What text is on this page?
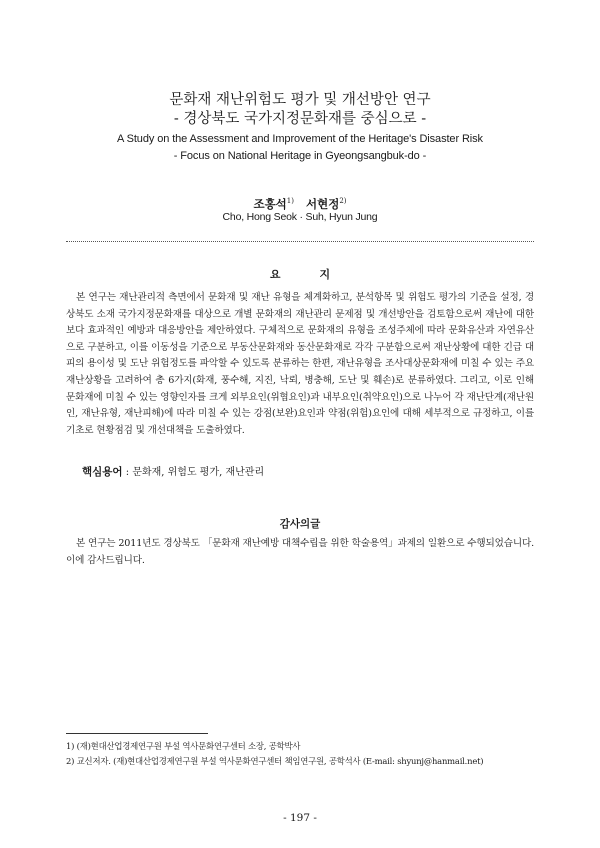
문화재 재난위험도 평가 및 개선방안 연구
- 경상북도 국가지정문화재를 중심으로 -
A Study on the Assessment and Improvement of the Heritage's Disaster Risk
- Focus on National Heritage in Gyeongsangbuk-do -
조홍석$^{1)}$ 서현정$^{2)}$
Cho, Hong Seok · Suh, Hyun Jung
요 지

본 연구는 재난관리적 측면에서 문화재 및 재난 유형을 체계화하고, 분석항목 및 위험도 평가의 기준을 설정, 경상북도 소재 국가지정문화재를 대상으로 개별 문화재의 재난관리 문제점 및 개선방안을 검토함으로써 재난에 대한 보다 효과적인 예방과 대응방안을 제안하였다. 구체적으로 문화재의 유형을 조성주체에 따라 문화유산과 자연유산으로 구분하고, 이를 이동성을 기준으로 부동산문화재와 동산문화재로 각각 구분함으로써 재난상황에 대한 긴급 대피의 용이성 및 도난 위험정도를 파악할 수 있도록 분류하는 한편, 재난유형을 조사대상문화재에 미칠 수 있는 주요 재난상황을 고려하여 총 6가지(화재, 풍수해, 지진, 낙뢰, 병충해, 도난 및 훼손)로 분류하였다. 그리고, 이로 인해 문화재에 미칠 수 있는 영향인자를 크게 외부요인(위협요인)과 내부요인(취약요인)으로 나누어 각 재난단계(재난원인, 재난유형, 재난피해)에 따라 미칠 수 있는 강점(보완)요인과 약점(위험)요인에 대해 세부적으로 규정하고, 이를 기초로 현황점검 및 개선대책을 도출하였다.

핵심용어 : 문화재, 위험도 평가, 재난관리
감사의글

본 연구는 2011년도 경상북도 「문화재 재난예방 대책수립을 위한 학술용역」과제의 일환으로 수행되었습니다. 이에 감사드립니다.

1) (재)현대산업경제연구원 부설 역사문화연구센터 소장, 공학박사
2) 교신저자. (재)현대산업경제연구원 부설 역사문화연구센터 책임연구원, 공학석사 (E-mail: shyunj@hanmail.net)
- 197 -
